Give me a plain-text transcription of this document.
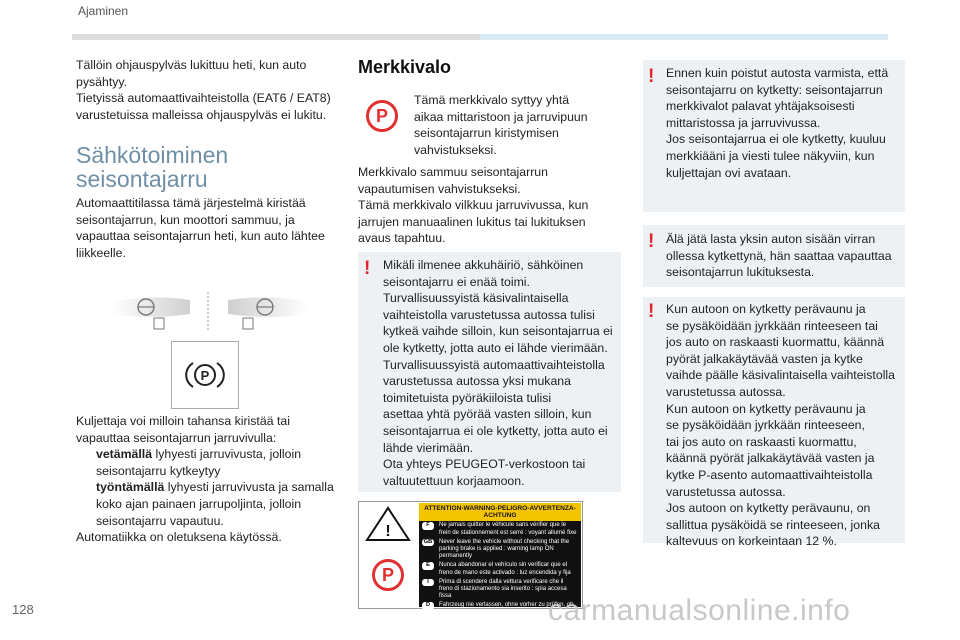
Ajaminen

Tällöin ohjauspylväs lukittuu heti, kun auto

pysähtyy.

Tietyissä automaattivaihteistolla (EAT6 / EAT8)

varustetuissa malleissa ohjauspylväs ei lukitu.

Sähkötoiminen

seisontajarru

Automaattitilassa tämä järjestelmä kiristää

seisontajarrun, kun moottori sammuu, ja

vapauttaa seisontajarrun heti, kun auto lähtee

liikkeelle.

P

Kuljettaja voi milloin tahansa kiristää tai

vapauttaa seisontajarrun jarruvivulla:

vetämällä lyhyesti jarruvivusta, jolloin

seisontajarru kytkeytyy

työntämällä lyhyesti jarruvivusta ja samalla

koko ajan painaen jarrupoljinta, jolloin

seisontajarru vapautuu.

Automatiikka on oletuksena käytössä.

Merkkivalo
P

Tämä merkkivalo syttyy yhtä

aikaa mittaristoon ja jarruvipuun

seisontajarrun kiristymisen

vahvistukseksi.

Merkkivalo sammuu seisontajarrun

vapautumisen vahvistukseksi.

Tämä merkkivalo vilkkuu jarruvivussa, kun

jarrujen manuaalinen lukitus tai lukituksen

avaus tapahtuu.

! Mikäli ilmenee akkuhäiriö, sähköinen

seisontajarru ei enää toimi.

Turvallisuussyistä käsivalintaisella

vaihteistolla varustetussa autossa tulisi

kytkeä vaihde silloin, kun seisontajarrua ei

ole kytketty, jotta auto ei lähde vierimään.

Turvallisuussyistä automaattivaihteistolla

varustetussa autossa yksi mukana

toimitetuista pyöräkiiloista tulisi

asettaa yhtä pyörää vasten silloin, kun

seisontajarrua ei ole kytketty, jotta auto ei

lähde vierimään.

Ota yhteys PEUGEOT-verkostoon tai

valtuutettuun korjaamoon.

!
P
ATTENTION-WARNING-PELIGRO-AVVERTENZA-ACHTUNG
F	Ne jamais quitter le véhicule sans vérifier que le frein de stationnement est serré : voyant allumé fixe
GB	Never leave the vehicle without checking that the parking brake is applied : warning lamp ON permanently
E	Nunca abandonar el vehículo sin verificar que el freno de mano este activado : luz encendida y fija
I	Prima di scendere dalla vettura verificare che il freno di stazionamento sia inserito : spia accesa fissa
D	Fahrzeug nie verlassen, ohne vorher zu prüfen, ob die elektrische Parkbremse angezogen ist. Die Kontrolleuchte leuchtet dann permanent
! Ennen kuin poistut autosta varmista, että

seisontajarru on kytketty: seisontajarrun

merkkivalot palavat yhtäjaksoisesti

mittaristossa ja jarruvivussa.

Jos seisontajarrua ei ole kytketty, kuuluu

merkkiääni ja viesti tulee näkyviin, kun

kuljettajan ovi avataan.

! Älä jätä lasta yksin auton sisään virran

ollessa kytkettynä, hän saattaa vapauttaa

seisontajarrun lukituksesta.

! Kun autoon on kytketty perävaunu ja

se pysäköidään jyrkkään rinteeseen tai

jos auto on raskaasti kuormattu, käännä

pyörät jalkakäytävää vasten ja kytke

vaihde päälle käsivalintaisella vaihteistolla

varustetussa autossa.

Kun autoon on kytketty perävaunu ja

se pysäköidään jyrkkään rinteeseen,

tai jos auto on raskaasti kuormattu,

käännä pyörät jalkakäytävää vasten ja

kytke P-asento automaattivaihteistolla

varustetussa autossa.

Jos autoon on kytketty perävaunu, on

sallittua pysäköidä se rinteeseen, jonka

kaltevuus on korkeintaan 12 %.

128	carmanualsonline.info
